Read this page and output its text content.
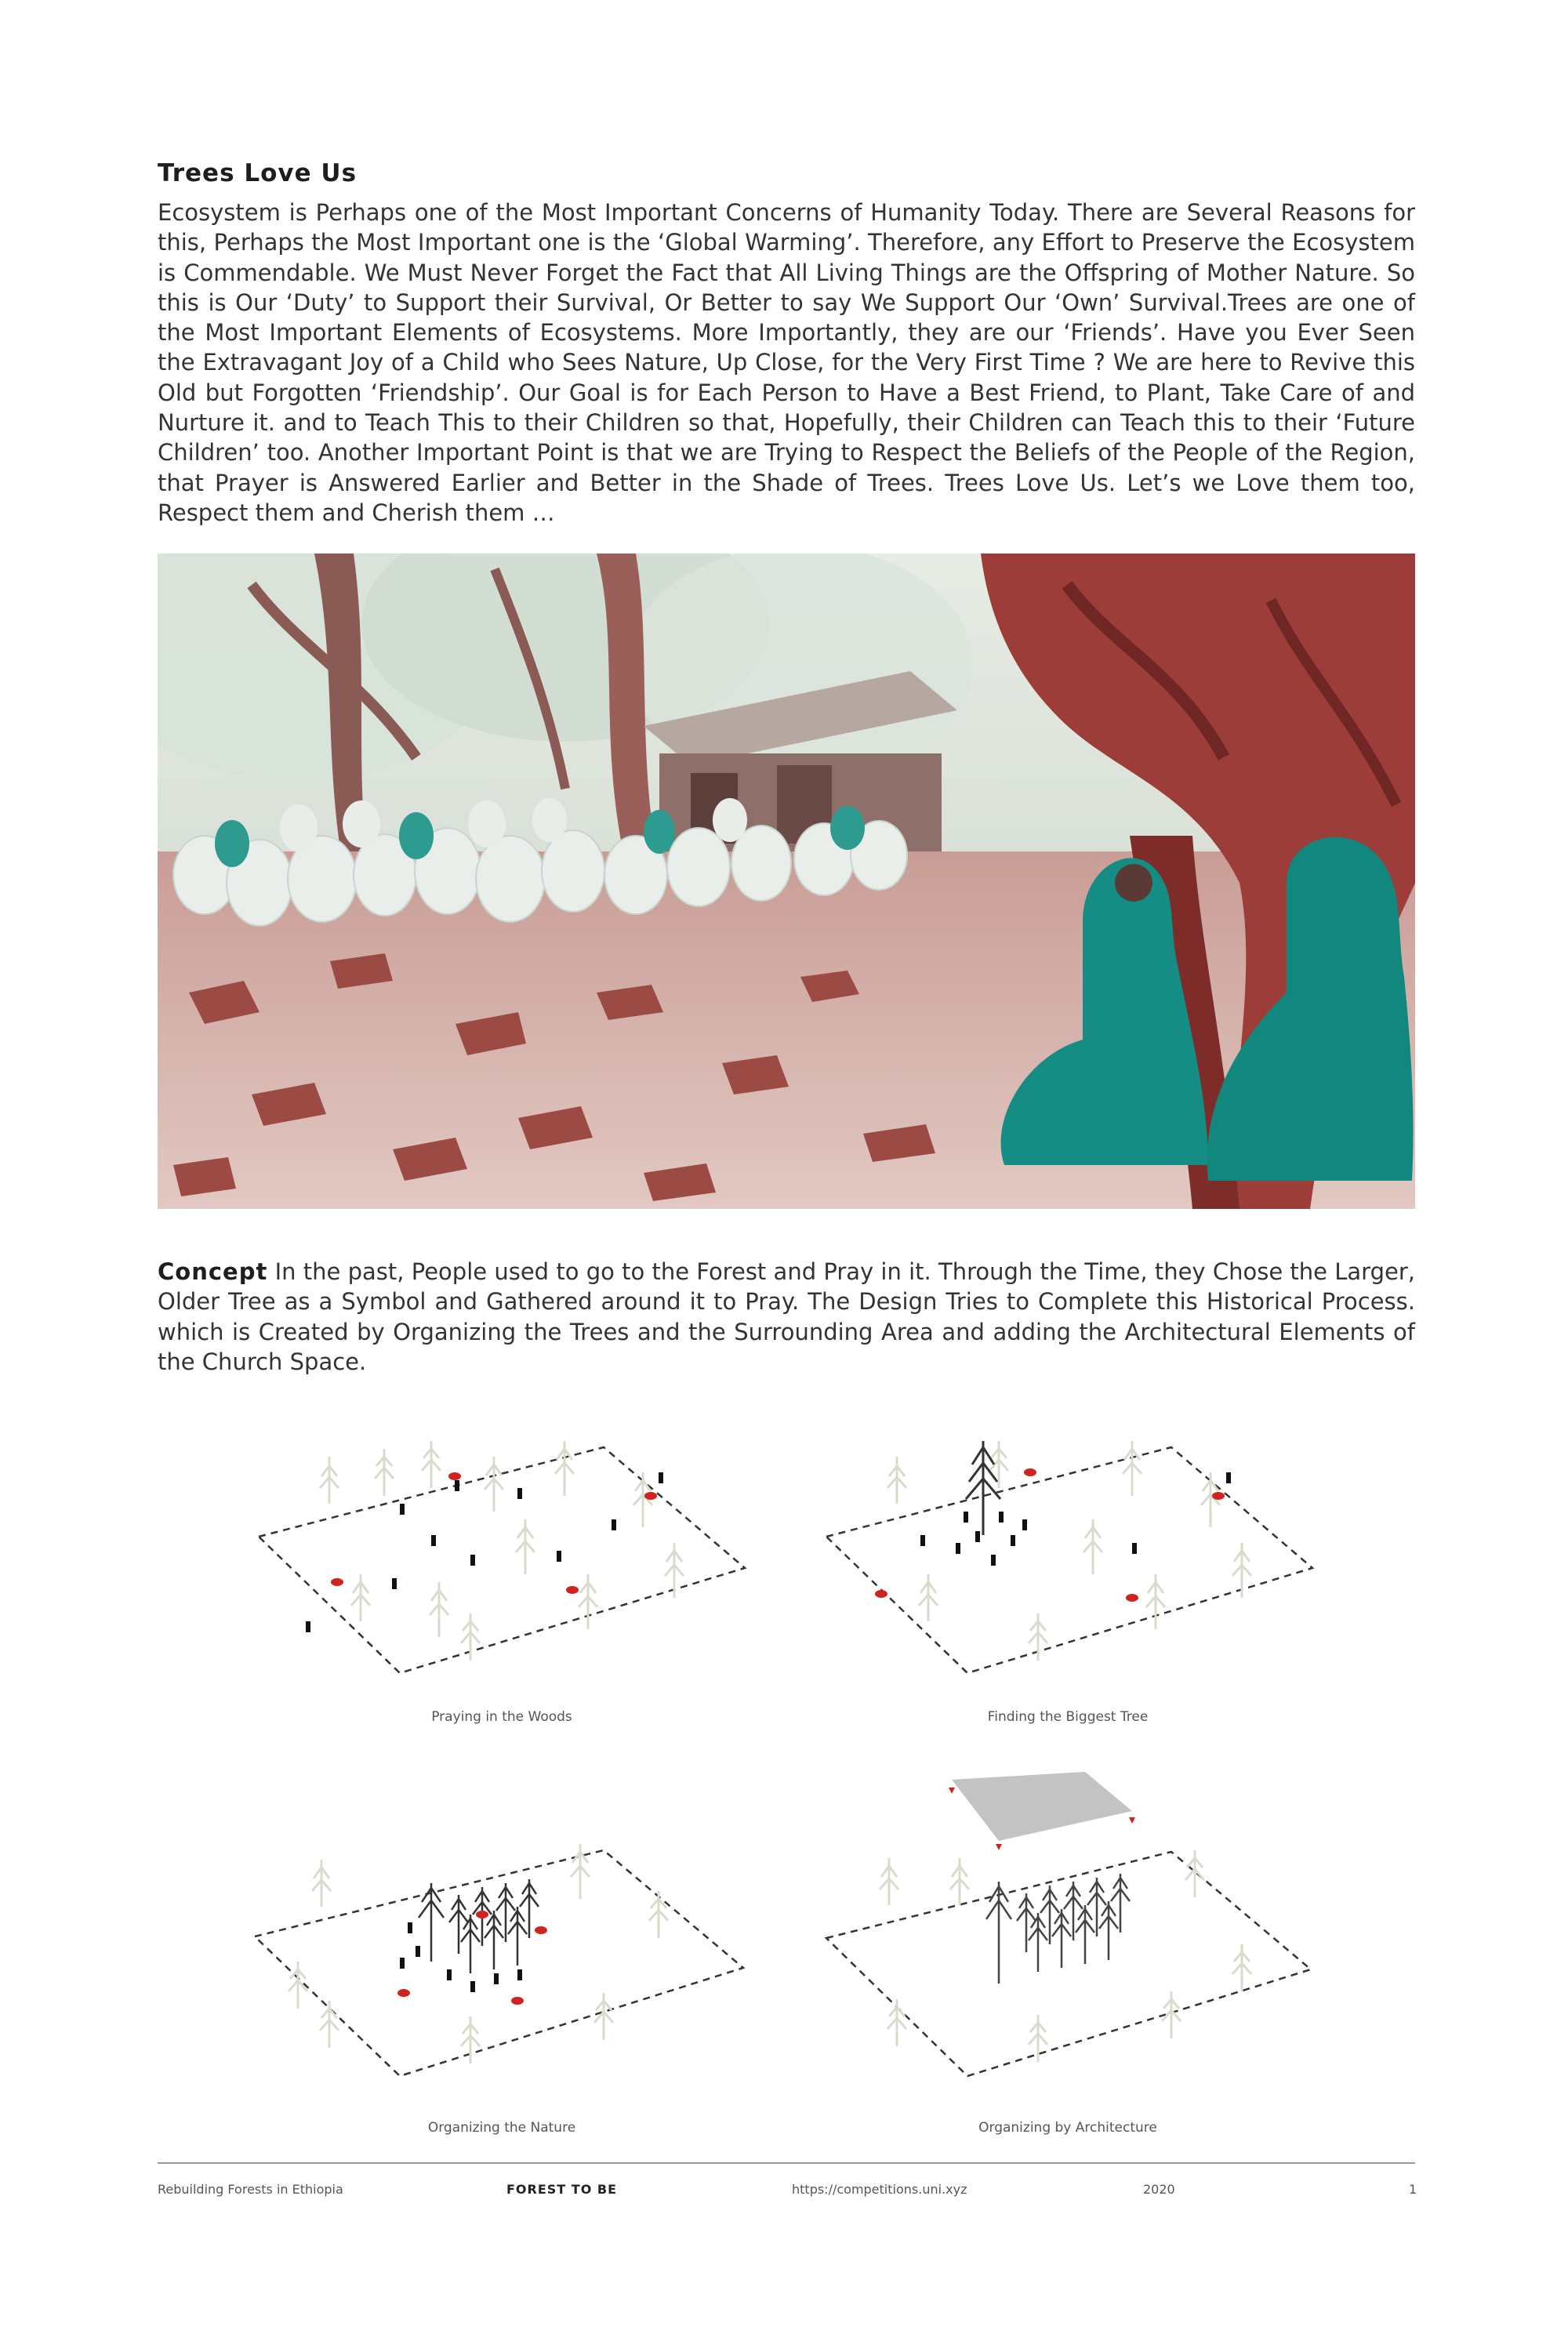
Trees Love Us
Ecosystem is Perhaps one of the Most Important Concerns of Humanity Today. There are Several Reasons for this, Perhaps the Most Important one is the ‘Global Warming’. Therefore, any Effort to Preserve the Ecosystem is Commendable. We Must Never Forget the Fact that All Living Things are the Offspring of Mother Nature. So this is Our ‘Duty’ to Support their Survival, Or Better to say We Support Our ‘Own’ Survival.Trees are one of the Most Important Elements of Ecosystems. More Importantly, they are our ‘Friends’. Have you Ever Seen the Extravagant Joy of a Child who Sees Nature, Up Close, for the Very First Time ? We are here to Revive this Old but Forgotten ‘Friendship’. Our Goal is for Each Person to Have a Best Friend, to Plant, Take Care of and Nurture it. and to Teach This to their Children so that, Hopefully, their Children can Teach this to their ‘Future Children’ too. Another Important Point is that we are Trying to Respect the Beliefs of the People of the Region, that Prayer is Answered Earlier and Better in the Shade of Trees. Trees Love Us. Let’s we Love them too, Respect them and Cherish them …
Concept In the past, People used to go to the Forest and Pray in it. Through the Time, they Chose the Larger, Older Tree as a Symbol and Gathered around it to Pray. The Design Tries to Complete this Historical Process. which is Created by Organizing the Trees and the Surrounding Area and adding the Architectural Elements of the Church Space.
Praying in the Woods	Finding the Biggest Tree
Organizing the Nature	Organizing by Architecture
Rebuilding Forests in Ethiopia	FOREST TO BE	https://competitions.uni.xyz	2020	1
